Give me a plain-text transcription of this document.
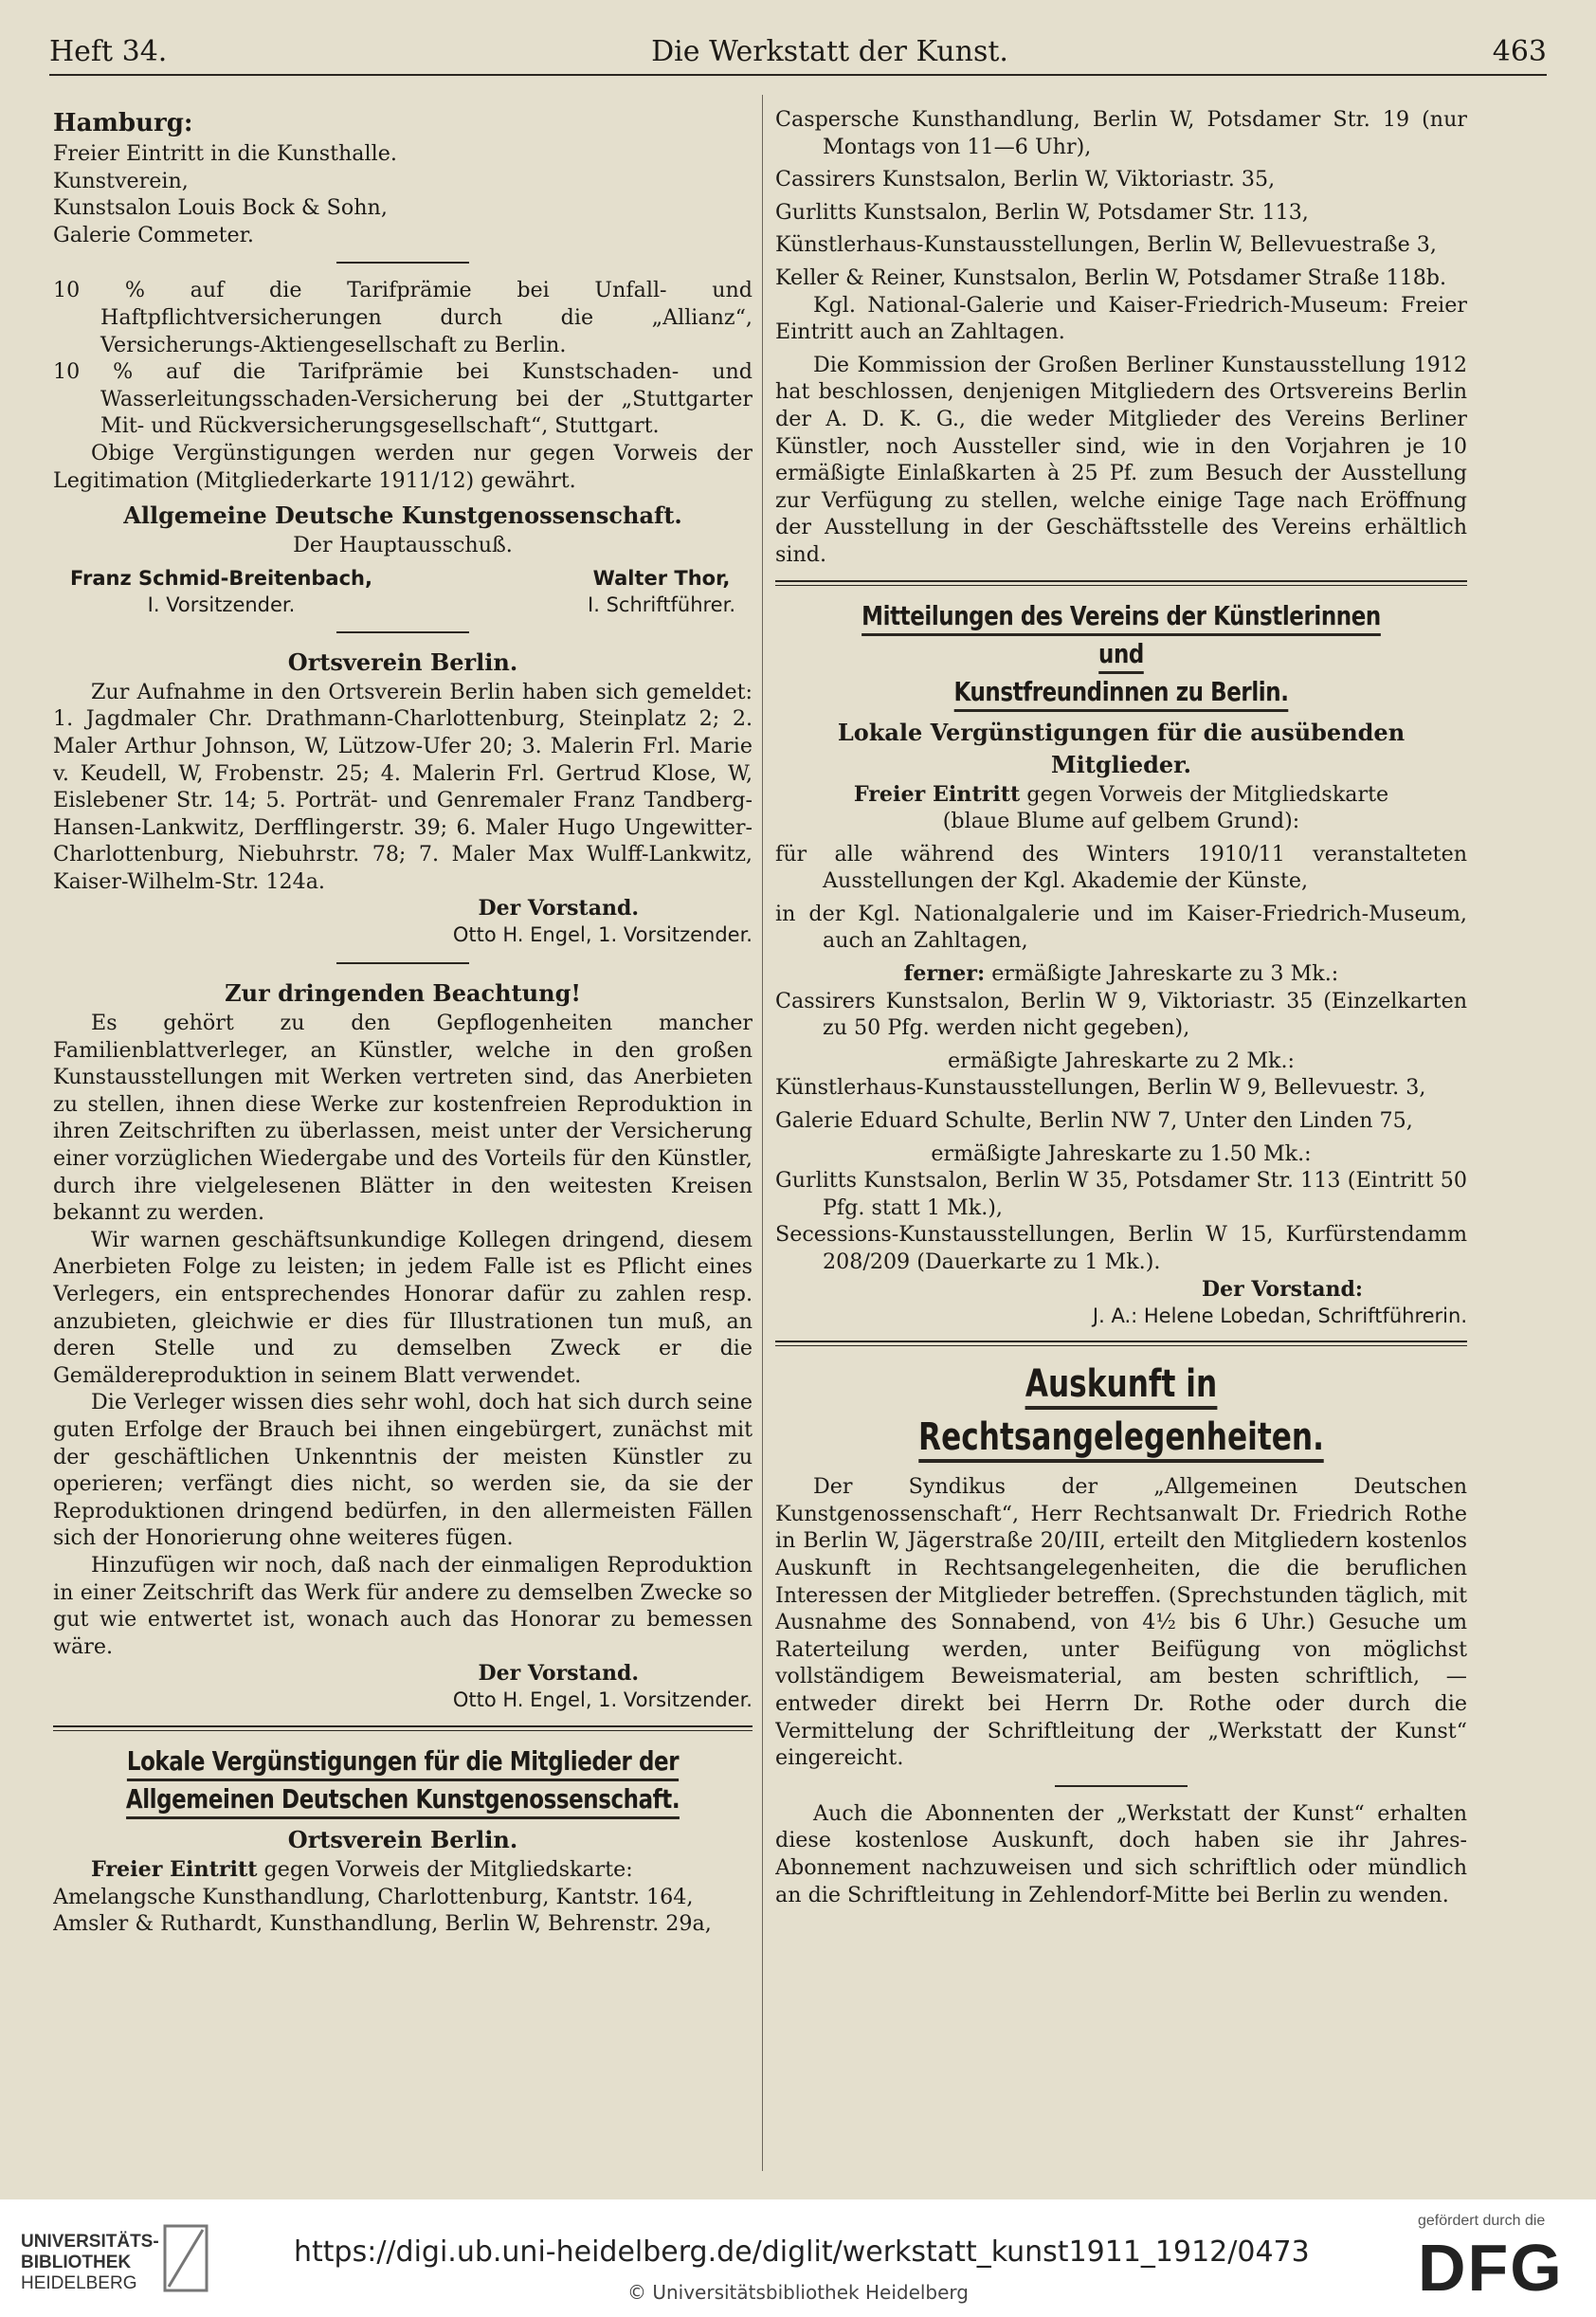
Heft 34.	Die Werkstatt der Kunst.	463
Hamburg:

Freier Eintritt in die Kunsthalle.
Kunstverein,
Kunstsalon Louis Bock & Sohn,
Galerie Commeter.

10 % auf die Tarifprämie bei Unfall- und Haftpflichtversicherungen durch die „Allianz“, Versicherungs-Aktiengesellschaft zu Berlin.

10 % auf die Tarifprämie bei Kunstschaden- und Wasserleitungsschaden-Versicherung bei der „Stuttgarter Mit- und Rückversicherungsgesellschaft“, Stuttgart.

Obige Vergünstigungen werden nur gegen Vorweis der Legitimation (Mitgliederkarte 1911/12) gewährt.

Allgemeine Deutsche Kunstgenossenschaft.

Der Hauptausschuß.

Franz Schmid-Breitenbach,
I. Vorsitzender.
Walter Thor,
I. Schriftführer.
Ortsverein Berlin.

Zur Aufnahme in den Ortsverein Berlin haben sich gemeldet: 1. Jagdmaler Chr. Drathmann-Charlottenburg, Steinplatz 2; 2. Maler Arthur Johnson, W, Lützow-Ufer 20; 3. Malerin Frl. Marie v. Keudell, W, Frobenstr. 25; 4. Malerin Frl. Gertrud Klose, W, Eislebener Str. 14; 5. Porträt- und Genremaler Franz Tandberg-Hansen-Lankwitz, Derfflingerstr. 39; 6. Maler Hugo Ungewitter-Charlottenburg, Niebuhrstr. 78; 7. Maler Max Wulff-Lankwitz, Kaiser-Wilhelm-Str. 124a.

Der Vorstand.

Otto H. Engel, 1. Vorsitzender.

Zur dringenden Beachtung!

Es gehört zu den Gepflogenheiten mancher Familienblattverleger, an Künstler, welche in den großen Kunstausstellungen mit Werken vertreten sind, das Anerbieten zu stellen, ihnen diese Werke zur kostenfreien Reproduktion in ihren Zeitschriften zu überlassen, meist unter der Versicherung einer vorzüglichen Wiedergabe und des Vorteils für den Künstler, durch ihre vielgelesenen Blätter in den weitesten Kreisen bekannt zu werden.

Wir warnen geschäftsunkundige Kollegen dringend, diesem Anerbieten Folge zu leisten; in jedem Falle ist es Pflicht eines Verlegers, ein entsprechendes Honorar dafür zu zahlen resp. anzubieten, gleichwie er dies für Illustrationen tun muß, an deren Stelle und zu demselben Zweck er die Gemäldereproduktion in seinem Blatt verwendet.

Die Verleger wissen dies sehr wohl, doch hat sich durch seine guten Erfolge der Brauch bei ihnen eingebürgert, zunächst mit der geschäftlichen Unkenntnis der meisten Künstler zu operieren; verfängt dies nicht, so werden sie, da sie der Reproduktionen dringend bedürfen, in den allermeisten Fällen sich der Honorierung ohne weiteres fügen.

Hinzufügen wir noch, daß nach der einmaligen Reproduktion in einer Zeitschrift das Werk für andere zu demselben Zwecke so gut wie entwertet ist, wonach auch das Honorar zu bemessen wäre.

Der Vorstand.

Otto H. Engel, 1. Vorsitzender.

Lokale Vergünstigungen für die Mitglieder der
Allgemeinen Deutschen Kunstgenossenschaft.
Ortsverein Berlin.

Freier Eintritt gegen Vorweis der Mitgliedskarte:

Amelangsche Kunsthandlung, Charlottenburg, Kantstr. 164,

Amsler & Ruthardt, Kunsthandlung, Berlin W, Behrenstr. 29a,

Caspersche Kunsthandlung, Berlin W, Potsdamer Str. 19 (nur Montags von 11—6 Uhr),

Cassirers Kunstsalon, Berlin W, Viktoriastr. 35,

Gurlitts Kunstsalon, Berlin W, Potsdamer Str. 113,

Künstlerhaus-Kunstausstellungen, Berlin W, Bellevuestraße 3,

Keller & Reiner, Kunstsalon, Berlin W, Potsdamer Straße 118b.

Kgl. National-Galerie und Kaiser-Friedrich-Museum: Freier Eintritt auch an Zahltagen.

Die Kommission der Großen Berliner Kunstausstellung 1912 hat beschlossen, denjenigen Mitgliedern des Ortsvereins Berlin der A. D. K. G., die weder Mitglieder des Vereins Berliner Künstler, noch Aussteller sind, wie in den Vorjahren je 10 ermäßigte Einlaßkarten à 25 Pf. zum Besuch der Ausstellung zur Verfügung zu stellen, welche einige Tage nach Eröffnung der Ausstellung in der Geschäftsstelle des Vereins erhältlich sind.

Mitteilungen des Vereins der Künstlerinnen und
Kunstfreundinnen zu Berlin.
Lokale Vergünstigungen für die ausübenden Mitglieder.

Freier Eintritt gegen Vorweis der Mitgliedskarte

(blaue Blume auf gelbem Grund):

für alle während des Winters 1910/11 veranstalteten Ausstellungen der Kgl. Akademie der Künste,

in der Kgl. Nationalgalerie und im Kaiser-Friedrich-Museum, auch an Zahltagen,

ferner: ermäßigte Jahreskarte zu 3 Mk.:

Cassirers Kunstsalon, Berlin W 9, Viktoriastr. 35 (Einzelkarten zu 50 Pfg. werden nicht gegeben),

ermäßigte Jahreskarte zu 2 Mk.:

Künstlerhaus-Kunstausstellungen, Berlin W 9, Bellevuestr. 3,

Galerie Eduard Schulte, Berlin NW 7, Unter den Linden 75,

ermäßigte Jahreskarte zu 1.50 Mk.:

Gurlitts Kunstsalon, Berlin W 35, Potsdamer Str. 113 (Eintritt 50 Pfg. statt 1 Mk.),

Secessions-Kunstausstellungen, Berlin W 15, Kurfürstendamm 208/209 (Dauerkarte zu 1 Mk.).

Der Vorstand:

J. A.: Helene Lobedan, Schriftführerin.

Auskunft in Rechtsangelegenheiten.

Der Syndikus der „Allgemeinen Deutschen Kunstgenossenschaft“, Herr Rechtsanwalt Dr. Friedrich Rothe in Berlin W, Jägerstraße 20/III, erteilt den Mitgliedern kostenlos Auskunft in Rechtsangelegenheiten, die die beruflichen Interessen der Mitglieder betreffen. (Sprechstunden täglich, mit Ausnahme des Sonnabend, von 4½ bis 6 Uhr.) Gesuche um Raterteilung werden, unter Beifügung von möglichst vollständigem Beweismaterial, am besten schriftlich, — entweder direkt bei Herrn Dr. Rothe oder durch die Vermittelung der Schriftleitung der „Werkstatt der Kunst“ eingereicht.

Auch die Abonnenten der „Werkstatt der Kunst“ erhalten diese kostenlose Auskunft, doch haben sie ihr Jahres-Abonnement nachzuweisen und sich schriftlich oder mündlich an die Schriftleitung in Zehlendorf-Mitte bei Berlin zu wenden.

UNIVERSITÄTS-
BIBLIOTHEK
HEIDELBERG
https://digi.ub.uni-heidelberg.de/diglit/werkstatt_kunst1911_1912/0473
© Universitätsbibliothek Heidelberg
gefördert durch die
DFG
